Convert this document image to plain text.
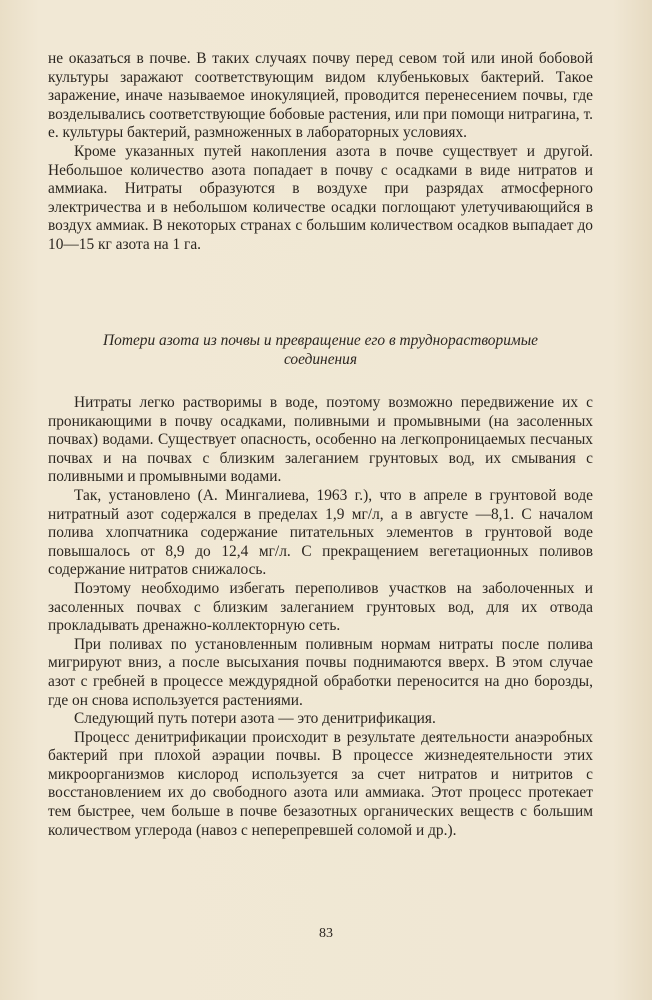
не оказаться в почве. В таких случаях почву перед севом той или иной бобовой культуры заражают соответствующим видом клубеньковых бактерий. Такое заражение, иначе называемое инокуляцией, проводится перенесением почвы, где возделывались соответствующие бобовые растения, или при помощи нитрагина, т. е. культуры бактерий, размноженных в лабораторных условиях.

Кроме указанных путей накопления азота в почве существует и другой. Небольшое количество азота попадает в почву с осадками в виде нитратов и аммиака. Нитраты образуются в воздухе при разрядах атмосферного электричества и в небольшом количестве осадки поглощают улетучивающийся в воздух аммиак. В некоторых странах с большим количеством осадков выпадает до 10—15 кг азота на 1 га.

Потери азота из почвы и превращение его в труднорастворимые
соединения

Нитраты легко растворимы в воде, поэтому возможно передвижение их с проникающими в почву осадками, поливными и промывными (на засоленных почвах) водами. Существует опасность, особенно на легкопроницаемых песчаных почвах и на почвах с близким залеганием грунтовых вод, их смывания с поливными и промывными водами.

Так, установлено (А. Мингалиева, 1963 г.), что в апреле в грунтовой воде нитратный азот содержался в пределах 1,9 мг/л, а в августе —8,1. С началом полива хлопчатника содержание питательных элементов в грунтовой воде повышалось от 8,9 до 12,4 мг/л. С прекращением вегетационных поливов содержание нитратов снижалось.

Поэтому необходимо избегать переполивов участков на заболоченных и засоленных почвах с близким залеганием грунтовых вод, для их отвода прокладывать дренажно-коллекторную сеть.

При поливах по установленным поливным нормам нитраты после полива мигрируют вниз, а после высыхания почвы поднимаются вверх. В этом случае азот с гребней в процессе междурядной обработки переносится на дно борозды, где он снова используется растениями.

Следующий путь потери азота — это денитрификация.

Процесс денитрификации происходит в результате деятельности анаэробных бактерий при плохой аэрации почвы. В процессе жизнедеятельности этих микроорганизмов кислород используется за счет нитратов и нитритов с восстановлением их до свободного азота или аммиака. Этот процесс протекает тем быстрее, чем больше в почве безазотных органических веществ с большим количеством углерода (навоз с неперепревшей соломой и др.).

83
